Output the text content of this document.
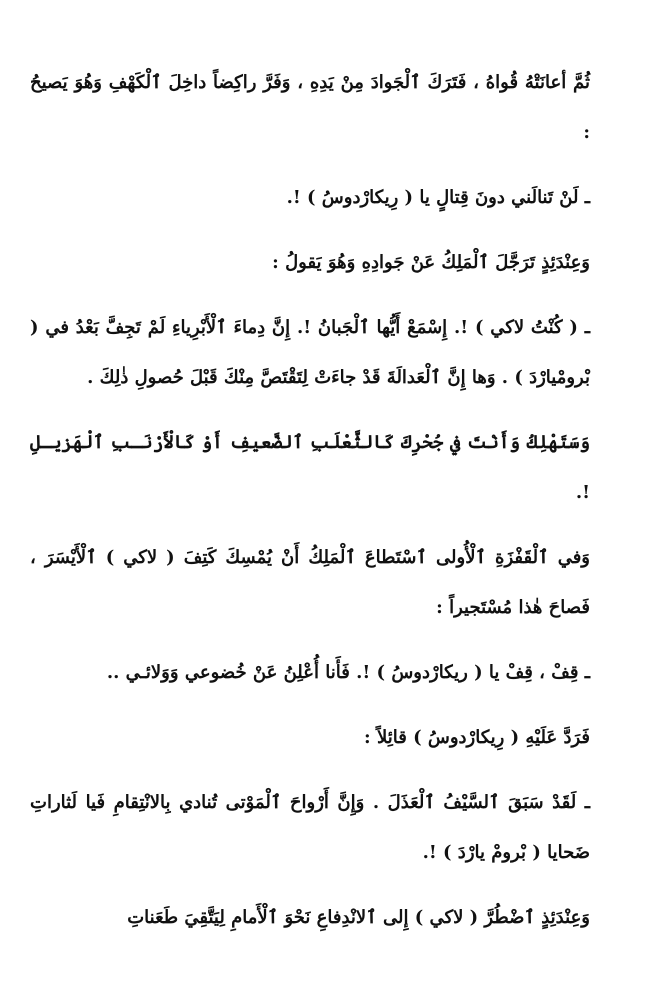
ثُمَّ أعانَتْهُ قُواهُ ، فَتَرَكَ ٱلْجَوادَ مِنْ يَدِهِ ، وَفَرَّ راكِضاً داخِلَ ٱلْكَهْفِ وَهُوَ يَصيحُ :

ـ لَنْ تَنالَني دونَ قِتالٍ يا ( رِيكارْدوسُ ) !.

وَعِنْدَئِذٍ تَرَجَّلَ ٱلْمَلِكُ عَنْ جَوادِهِ وَهُوَ يَقولُ :

ـ ( كُنْتُ لاكي ) !. إِسْمَعْ أَيُّها ٱلْجَبانُ !. إِنَّ دِماءَ ٱلْأَبْرِياءِ لَمْ تَجِفَّ بَعْدُ في ( بْرومْيارْدَ ) . وَها إِنَّ ٱلْعَدالَةَ قَدْ جاءَتْ لِتَقْتَصَّ مِنْكَ قَبْلَ حُصولِ ذٰلِكَ .

وَسَتَهْلِكُ وَأَنْتَ في جُحْرِكَ كَالثَّعْلَبِ ٱلضَّعيفِ أَوْ كَالْأَرْنَـبِ ٱلْهَزيـلِ !.

وَفي ٱلْقَفْزَةِ ٱلْأُولى ٱسْتَطاعَ ٱلْمَلِكُ أَنْ يُمْسِكَ كَتِفَ ( لاكي ) ٱلْأَيْسَرَ ، فَصاحَ هٰذا مُسْتَجيراً :

ـ قِفْ ، قِفْ يا ( ريكارْدوسُ ) !. فَأَنا أُعْلِنُ عَنْ خُضوعي وَوَلائـي ..

فَرَدَّ عَلَيْهِ ( رِيكارْدوسُ ) قائِلاً :

ـ لَقَدْ سَبَقَ ٱلسَّيْفُ ٱلْعَذَلَ . وَإِنَّ أَرْواحَ ٱلْمَوْتى تُنادي بِالانْتِقامِ فَيا لَثاراتِ ضَحايا ( بْرومْ يارْدَ ) !.

وَعِنْدَئِذٍ ٱضْطُرَّ ( لاكي ) إِلى ٱلانْدِفاعِ نَحْوَ ٱلْأَمامِ لِيَتَّقِيَ طَعَناتِ
